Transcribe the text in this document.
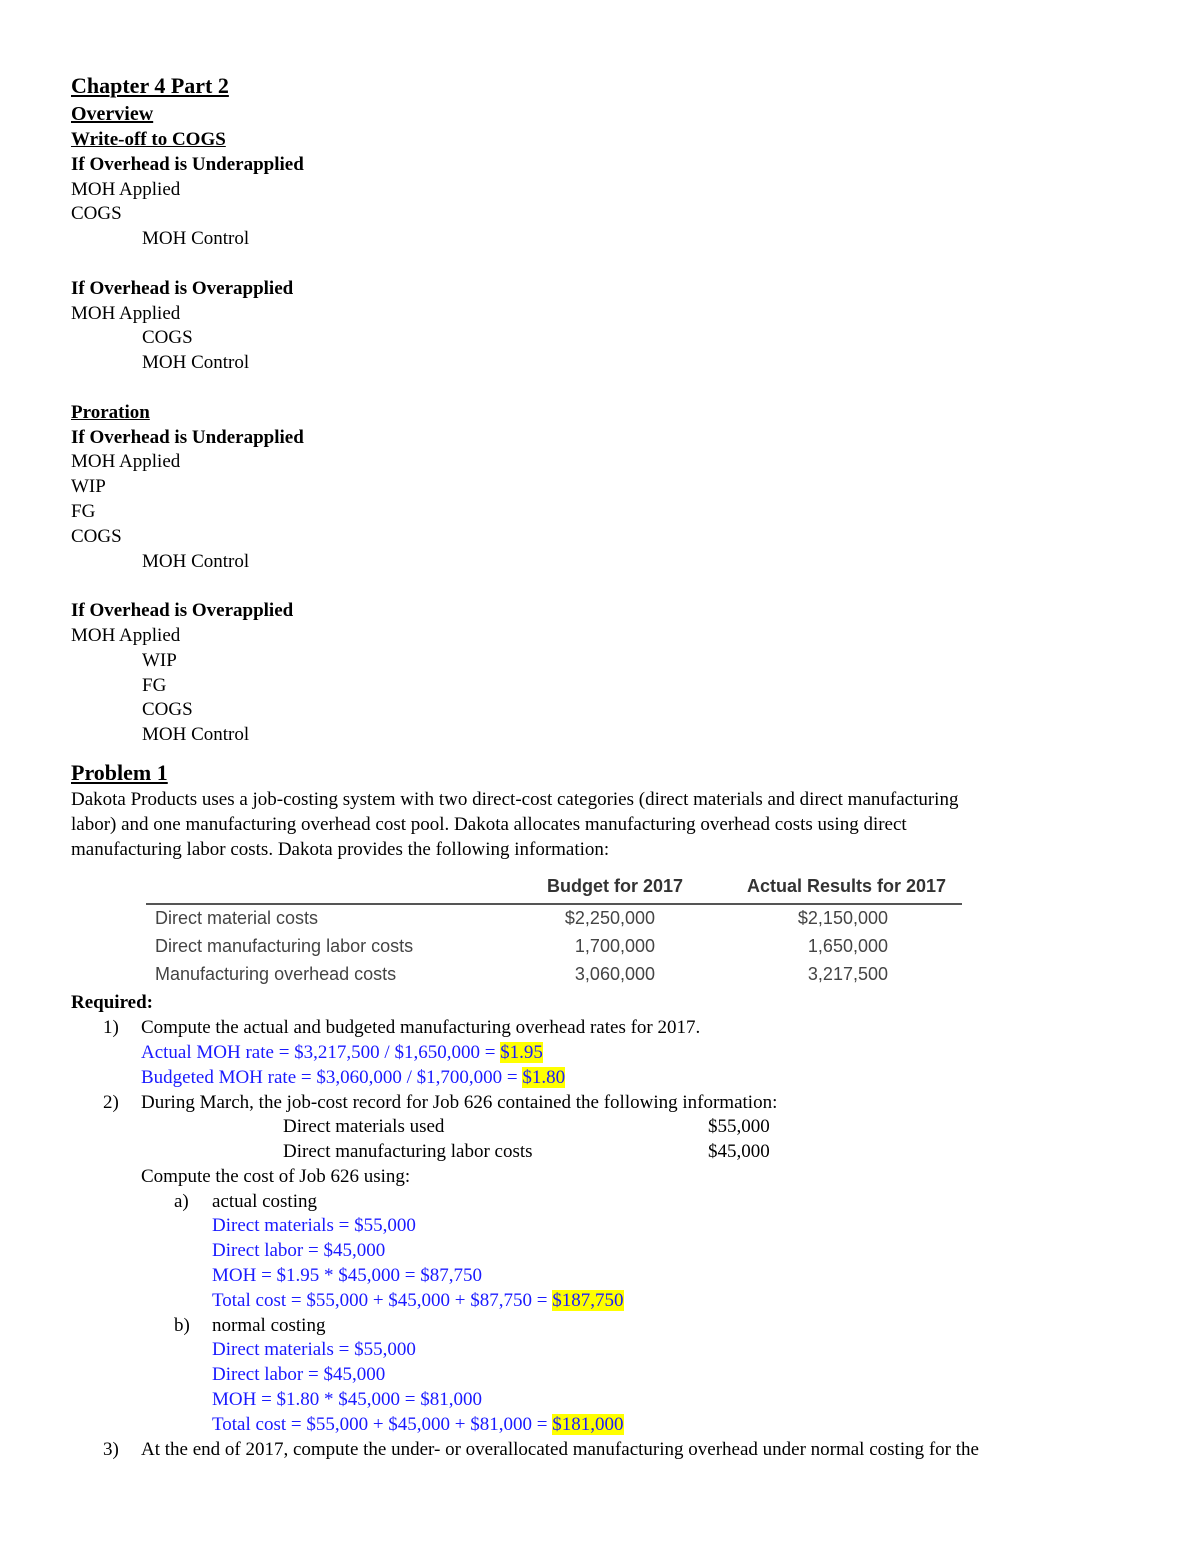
Chapter 4 Part 2
Overview
Write-off to COGS
If Overhead is Underapplied
MOH Applied
COGS
MOH Control
If Overhead is Overapplied
MOH Applied
COGS
MOH Control
Proration
If Overhead is Underapplied
MOH Applied
WIP
FG
COGS
MOH Control
If Overhead is Overapplied
MOH Applied
WIP
FG
COGS
MOH Control
Problem 1
Dakota Products uses a job-costing system with two direct-cost categories (direct materials and direct manufacturing
labor) and one manufacturing overhead cost pool. Dakota allocates manufacturing overhead costs using direct
manufacturing labor costs. Dakota provides the following information:
Budget for 2017	Actual Results for 2017
Direct material costs	$2,250,000	$2,150,000
Direct manufacturing labor costs	1,700,000	1,650,000
Manufacturing overhead costs	3,060,000	3,217,500
Required:
1)	Compute the actual and budgeted manufacturing overhead rates for 2017.
Actual MOH rate = $3,217,500 / $1,650,000 = $1.95
Budgeted MOH rate = $3,060,000 / $1,700,000 = $1.80
2)	During March, the job-cost record for Job 626 contained the following information:
Direct materials used	$55,000
Direct manufacturing labor costs	$45,000
Compute the cost of Job 626 using:
a)	actual costing
Direct materials = $55,000
Direct labor = $45,000
MOH = $1.95 * $45,000 = $87,750
Total cost = $55,000 + $45,000 + $87,750 = $187,750
b)	normal costing
Direct materials = $55,000
Direct labor = $45,000
MOH = $1.80 * $45,000 = $81,000
Total cost = $55,000 + $45,000 + $81,000 = $181,000
3)	At the end of 2017, compute the under- or overallocated manufacturing overhead under normal costing for the
